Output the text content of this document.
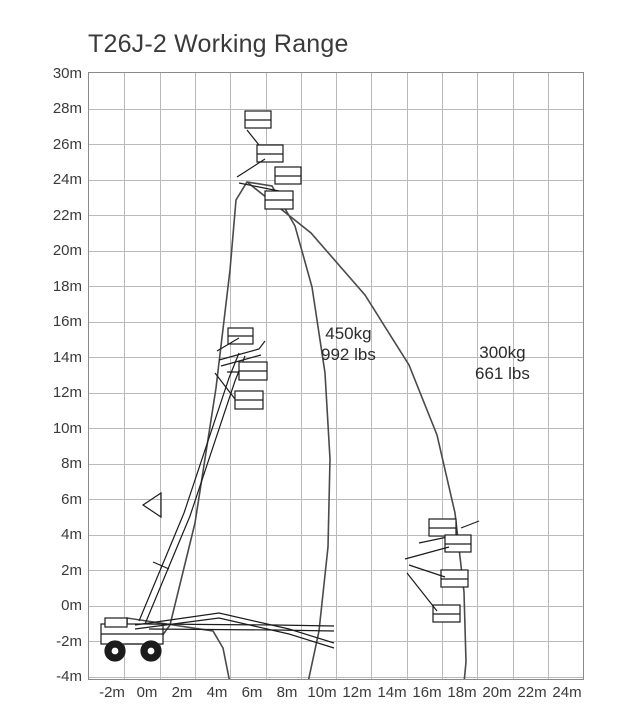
T26J-2 Working Range
450kg
992 lbs	300kg
661 lbs
30m
28m
26m
24m
22m
20m
18m
16m
14m
12m
10m
8m
6m
4m
2m
0m
-2m
-4m
-2m 0m 2m 4m 6m 8m 10m 12m 14m 16m 18m 20m 22m 24m
